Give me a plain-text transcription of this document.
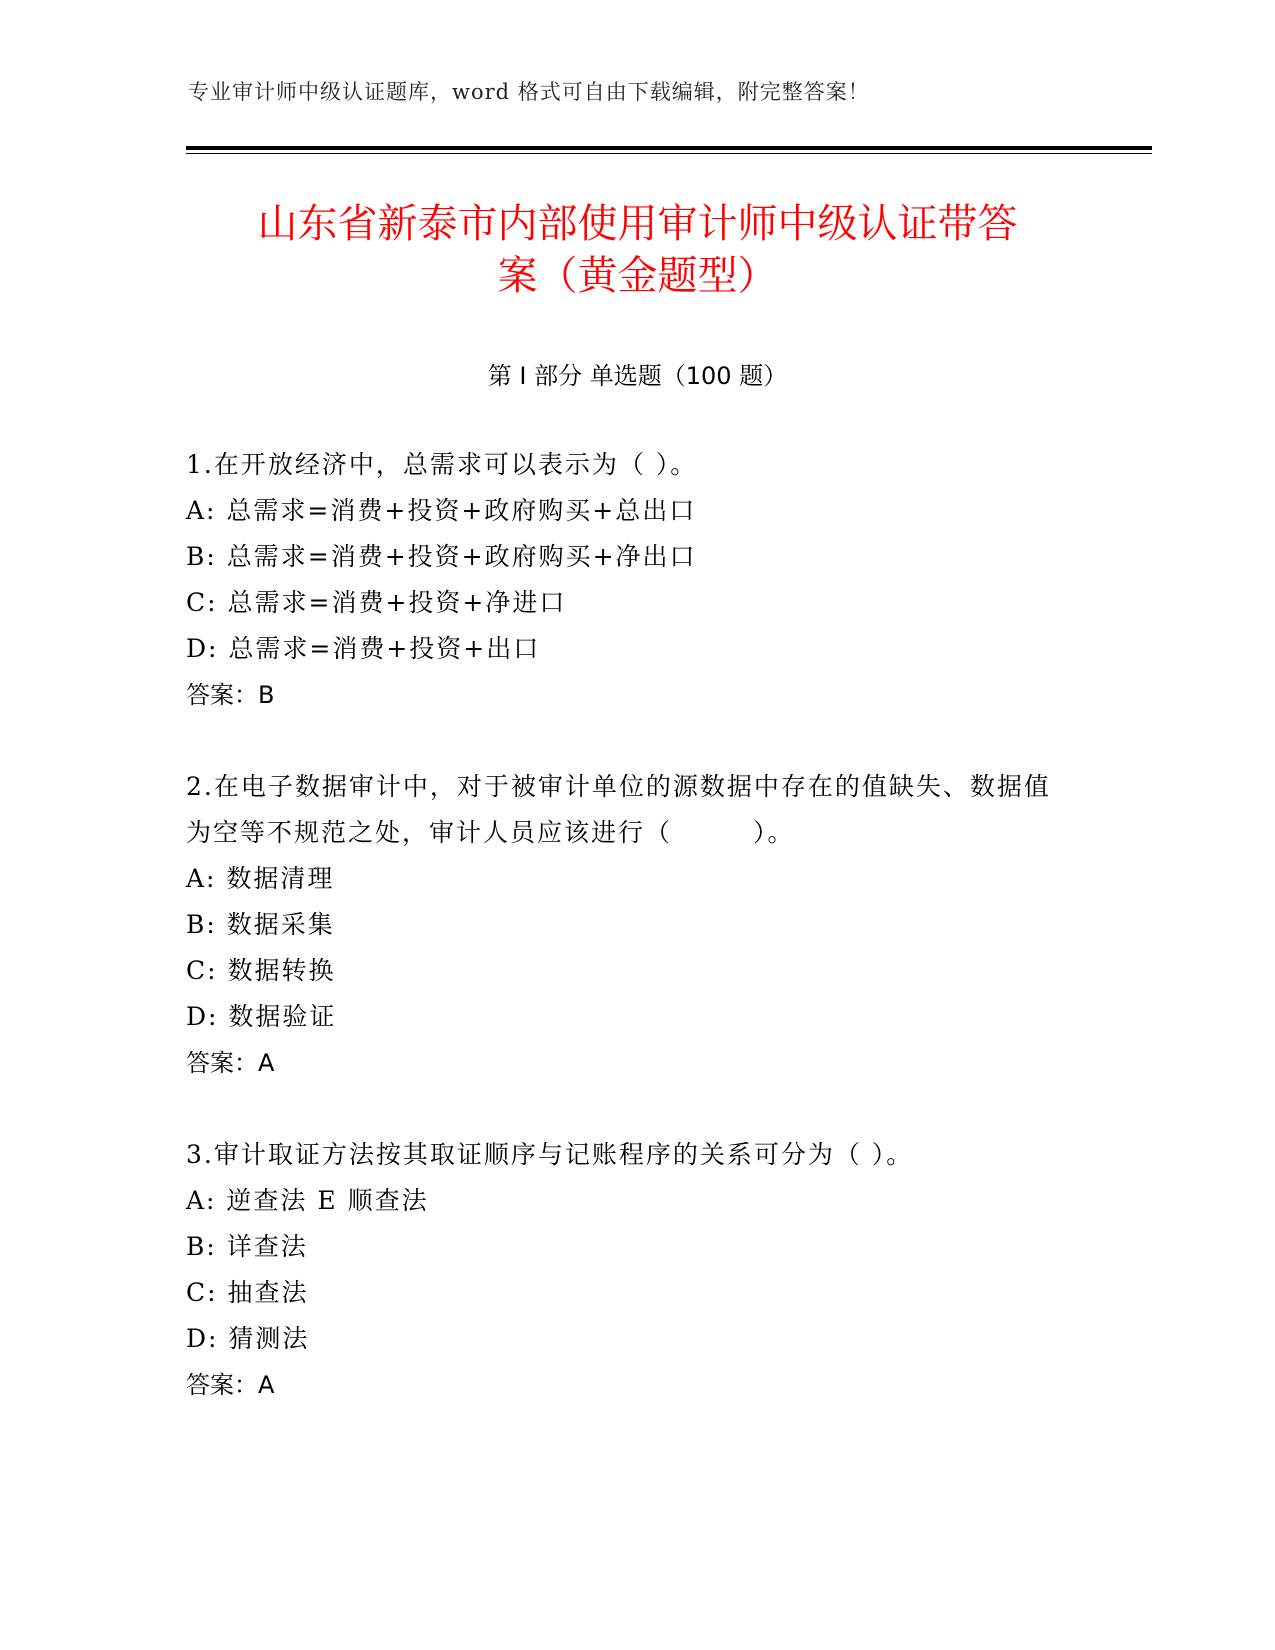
专业审计师中级认证题库，word 格式可自由下载编辑，附完整答案！
山东省新泰市内部使用审计师中级认证带答
案（黄金题型）
第 I 部分 单选题（100 题）

1.在开放经济中，总需求可以表示为（ ）。

A: 总需求=消费+投资+政府购买+总出口

B: 总需求=消费+投资+政府购买+净出口

C: 总需求=消费+投资+净进口

D: 总需求=消费+投资+出口

答案：B

2.在电子数据审计中，对于被审计单位的源数据中存在的值缺失、数据值为空等不规范之处，审计人员应该进行（　　　）。

A: 数据清理

B: 数据采集

C: 数据转换

D: 数据验证

答案：A

3.审计取证方法按其取证顺序与记账程序的关系可分为（ ）。

A: 逆查法 E 顺查法

B: 详查法

C: 抽查法

D: 猜测法

答案：A
